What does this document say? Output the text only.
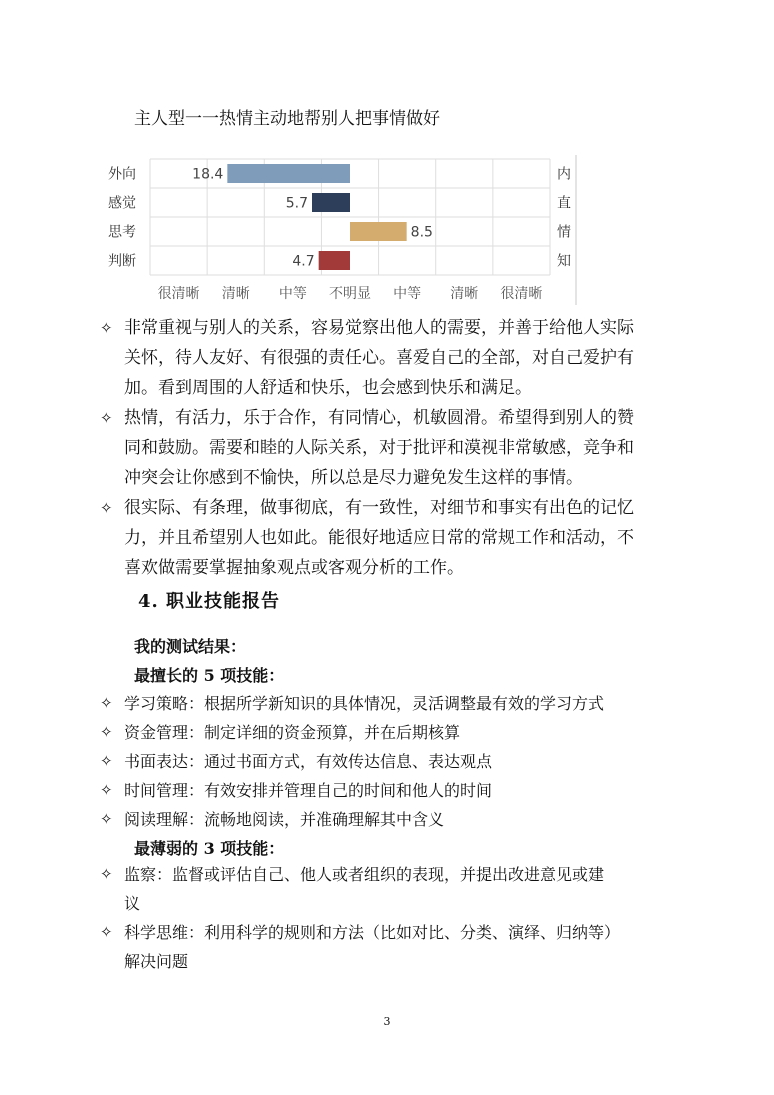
主人型一一热情主动地帮别人把事情做好
18.4
外向	内
5.7
感觉	直
8.5
思考	情
4.7
判断	知
很清晰 清晰 中等 不明显 中等 清晰 很清晰
✧ 非常重视与别人的关系，容易觉察出他人的需要，并善于给他人实际
关怀，待人友好、有很强的责任心。喜爱自己的全部，对自己爱护有
加。看到周围的人舒适和快乐，也会感到快乐和满足。
✧ 热情，有活力，乐于合作，有同情心，机敏圆滑。希望得到别人的赞
同和鼓励。需要和睦的人际关系，对于批评和漠视非常敏感，竞争和
冲突会让你感到不愉快，所以总是尽力避免发生这样的事情。
✧ 很实际、有条理，做事彻底，有一致性，对细节和事实有出色的记忆
力，并且希望别人也如此。能很好地适应日常的常规工作和活动，不
喜欢做需要掌握抽象观点或客观分析的工作。
4. 职业技能报告
我的测试结果：
最擅长的 5 项技能：
✧ 学习策略：根据所学新知识的具体情况，灵活调整最有效的学习方式
✧ 资金管理：制定详细的资金预算，并在后期核算
✧ 书面表达：通过书面方式，有效传达信息、表达观点
✧ 时间管理：有效安排并管理自己的时间和他人的时间
✧ 阅读理解：流畅地阅读，并准确理解其中含义
最薄弱的 3 项技能：
✧ 监察：监督或评估自己、他人或者组织的表现，并提出改进意见或建
议
✧ 科学思维：利用科学的规则和方法（比如对比、分类、演绎、归纳等）
解决问题
3
